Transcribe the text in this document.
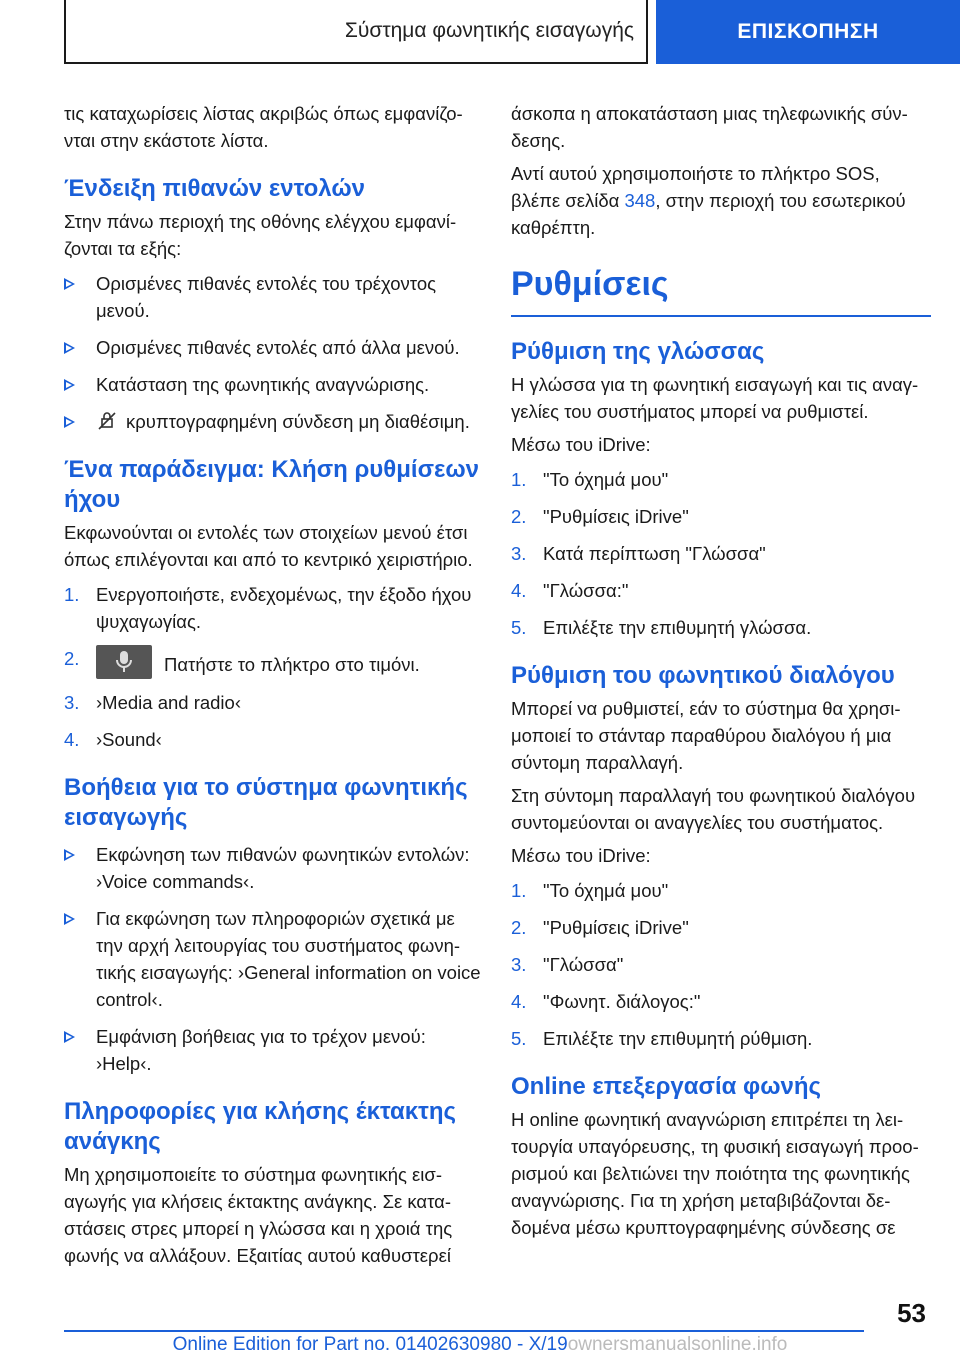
Σύστημα φωνητικής εισαγωγής	ΕΠΙΣΚΟΠΗΣΗ

τις καταχωρίσεις λίστας ακριβώς όπως εμφανίζο-νται στην εκάστοτε λίστα.

Ένδειξη πιθανών εντολών

Στην πάνω περιοχή της οθόνης ελέγχου εμφανί-ζονται τα εξής:

Ορισμένες πιθανές εντολές του τρέχοντος μενού.
Ορισμένες πιθανές εντολές από άλλα μενού.
Κατάσταση της φωνητικής αναγνώρισης.
κρυπτογραφημένη σύνδεση μη διαθέσιμη.
Ένα παράδειγμα: Κλήση ρυθμίσεων ήχου

Εκφωνούνται οι εντολές των στοιχείων μενού έτσι όπως επιλέγονται και από το κεντρικό χειριστήριο.

1. Ενεργοποιήστε, ενδεχομένως, την έξοδο ήχου ψυχαγωγίας.
2.	Πατήστε το πλήκτρο στο τιμόνι.
3. ›Media and radio‹
4. ›Sound‹
Βοήθεια για το σύστημα φωνητικής εισαγωγής
Εκφώνηση των πιθανών φωνητικών εντολών: ›Voice commands‹.
Για εκφώνηση των πληροφοριών σχετικά με την αρχή λειτουργίας του συστήματος φωνη-τικής εισαγωγής: ›General information on voice control‹.
Εμφάνιση βοήθειας για το τρέχον μενού: ›Help‹.
Πληροφορίες για κλήσης έκτακτης ανάγκης

Μη χρησιμοποιείτε το σύστημα φωνητικής εισ-αγωγής για κλήσεις έκτακτης ανάγκης. Σε κατα-στάσεις στρες μπορεί η γλώσσα και η χροιά της φωνής να αλλάξουν. Εξαιτίας αυτού καθυστερεί

άσκοπα η αποκατάσταση μιας τηλεφωνικής σύν-δεσης.

Αντί αυτού χρησιμοποιήστε το πλήκτρο SOS, βλέπε σελίδα 348, στην περιοχή του εσωτερικού καθρέπτη.

Ρυθμίσεις
Ρύθμιση της γλώσσας

Η γλώσσα για τη φωνητική εισαγωγή και τις αναγ-γελίες του συστήματος μπορεί να ρυθμιστεί.

Μέσω του iDrive:

1. "Το όχημά μου"
2. "Ρυθμίσεις iDrive"
3. Κατά περίπτωση "Γλώσσα"
4. "Γλώσσα:"
5. Επιλέξτε την επιθυμητή γλώσσα.
Ρύθμιση του φωνητικού διαλόγου

Μπορεί να ρυθμιστεί, εάν το σύστημα θα χρησι-μοποιεί το στάνταρ παραθύρου διαλόγου ή μια σύντομη παραλλαγή.

Στη σύντομη παραλλαγή του φωνητικού διαλόγου συντομεύονται οι αναγγελίες του συστήματος.

Μέσω του iDrive:

1. "Το όχημά μου"
2. "Ρυθμίσεις iDrive"
3. "Γλώσσα"
4. "Φωνητ. διάλογος:"
5. Επιλέξτε την επιθυμητή ρύθμιση.
Online επεξεργασία φωνής

Η online φωνητική αναγνώριση επιτρέπει τη λει-τουργία υπαγόρευσης, τη φυσική εισαγωγή προο-ρισμού και βελτιώνει την ποιότητα της φωνητικής αναγνώρισης. Για τη χρήση μεταβιβάζονται δε-δομένα μέσω κρυπτογραφημένης σύνδεσης σε

53
Online Edition for Part no. 01402630980 - X/19ownersmanualsonline.info
